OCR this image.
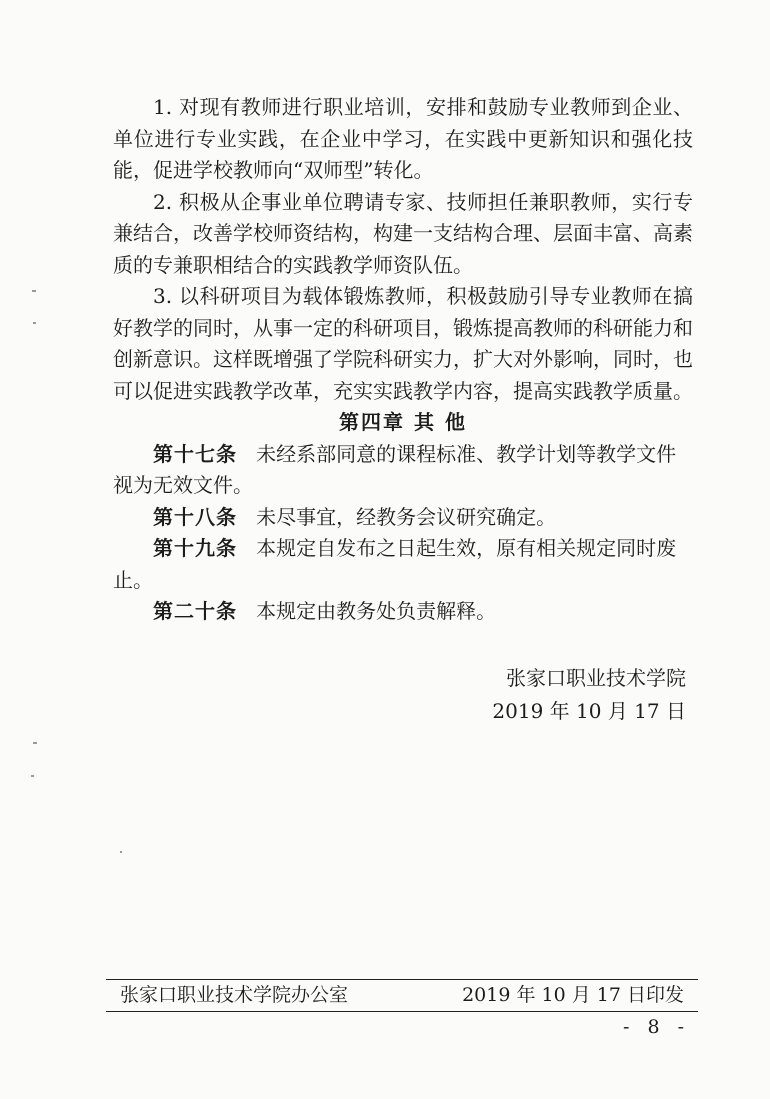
1. 对现有教师进行职业培训，安排和鼓励专业教师到企业、单位进行专业实践，在企业中学习，在实践中更新知识和强化技能，促进学校教师向“双师型”转化。

2. 积极从企事业单位聘请专家、技师担任兼职教师，实行专兼结合，改善学校师资结构，构建一支结构合理、层面丰富、高素质的专兼职相结合的实践教学师资队伍。

3. 以科研项目为载体锻炼教师，积极鼓励引导专业教师在搞好教学的同时，从事一定的科研项目，锻炼提高教师的科研能力和创新意识。这样既增强了学院科研实力，扩大对外影响，同时，也可以促进实践教学改革，充实实践教学内容，提高实践教学质量。

第四章 其 他

第十七条 未经系部同意的课程标准、教学计划等教学文件视为无效文件。

第十八条 未尽事宜，经教务会议研究确定。

第十九条 本规定自发布之日起生效，原有相关规定同时废止。

第二十条 本规定由教务处负责解释。

张家口职业技术学院
2019 年 10 月 17 日
张家口职业技术学院办公室	2019 年 10 月 17 日印发
- 8 -
